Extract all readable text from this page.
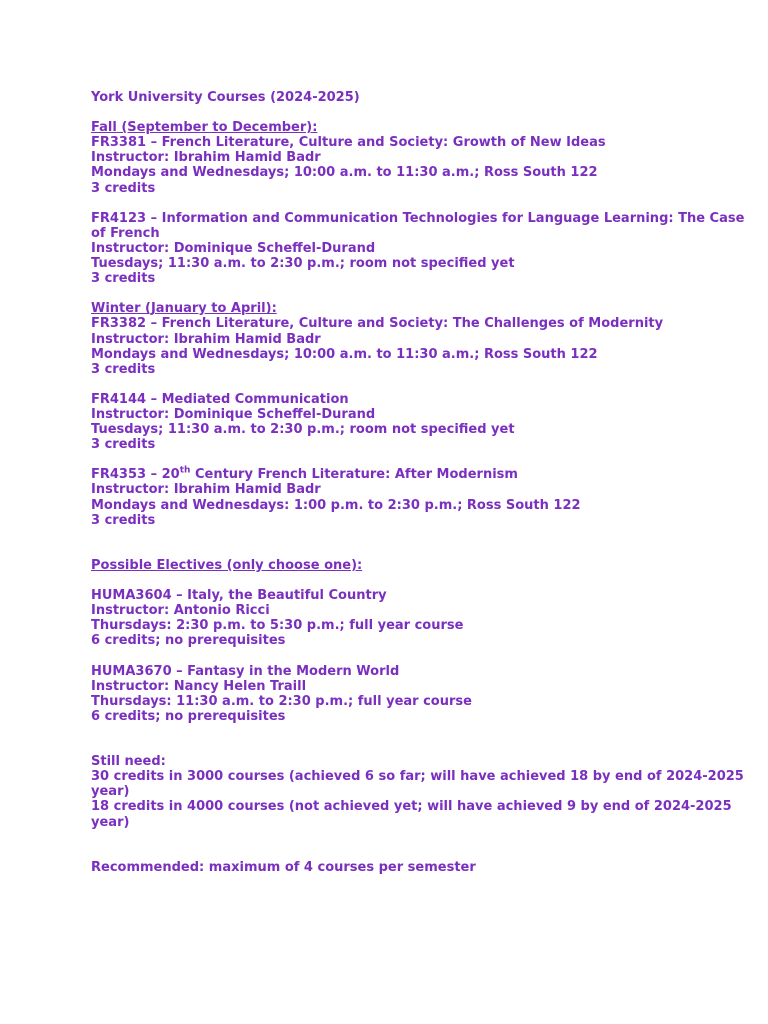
York University Courses (2024-2025)

Fall (September to December):

FR3381 – French Literature, Culture and Society: Growth of New Ideas

Instructor: Ibrahim Hamid Badr

Mondays and Wednesdays; 10:00 a.m. to 11:30 a.m.; Ross South 122

3 credits

FR4123 – Information and Communication Technologies for Language Learning: The Case of French

Instructor: Dominique Scheffel-Durand

Tuesdays; 11:30 a.m. to 2:30 p.m.; room not specified yet

3 credits

Winter (January to April):

FR3382 – French Literature, Culture and Society: The Challenges of Modernity

Instructor: Ibrahim Hamid Badr

Mondays and Wednesdays; 10:00 a.m. to 11:30 a.m.; Ross South 122

3 credits

FR4144 – Mediated Communication

Instructor: Dominique Scheffel-Durand

Tuesdays; 11:30 a.m. to 2:30 p.m.; room not specified yet

3 credits

FR4353 – 20th Century French Literature: After Modernism

Instructor: Ibrahim Hamid Badr

Mondays and Wednesdays: 1:00 p.m. to 2:30 p.m.; Ross South 122

3 credits

Possible Electives (only choose one):

HUMA3604 – Italy, the Beautiful Country

Instructor: Antonio Ricci

Thursdays: 2:30 p.m. to 5:30 p.m.; full year course

6 credits; no prerequisites

HUMA3670 – Fantasy in the Modern World

Instructor: Nancy Helen Traill

Thursdays: 11:30 a.m. to 2:30 p.m.; full year course

6 credits; no prerequisites

Still need:

30 credits in 3000 courses (achieved 6 so far; will have achieved 18 by end of 2024-2025 year)

18 credits in 4000 courses (not achieved yet; will have achieved 9 by end of 2024-2025 year)

Recommended: maximum of 4 courses per semester
